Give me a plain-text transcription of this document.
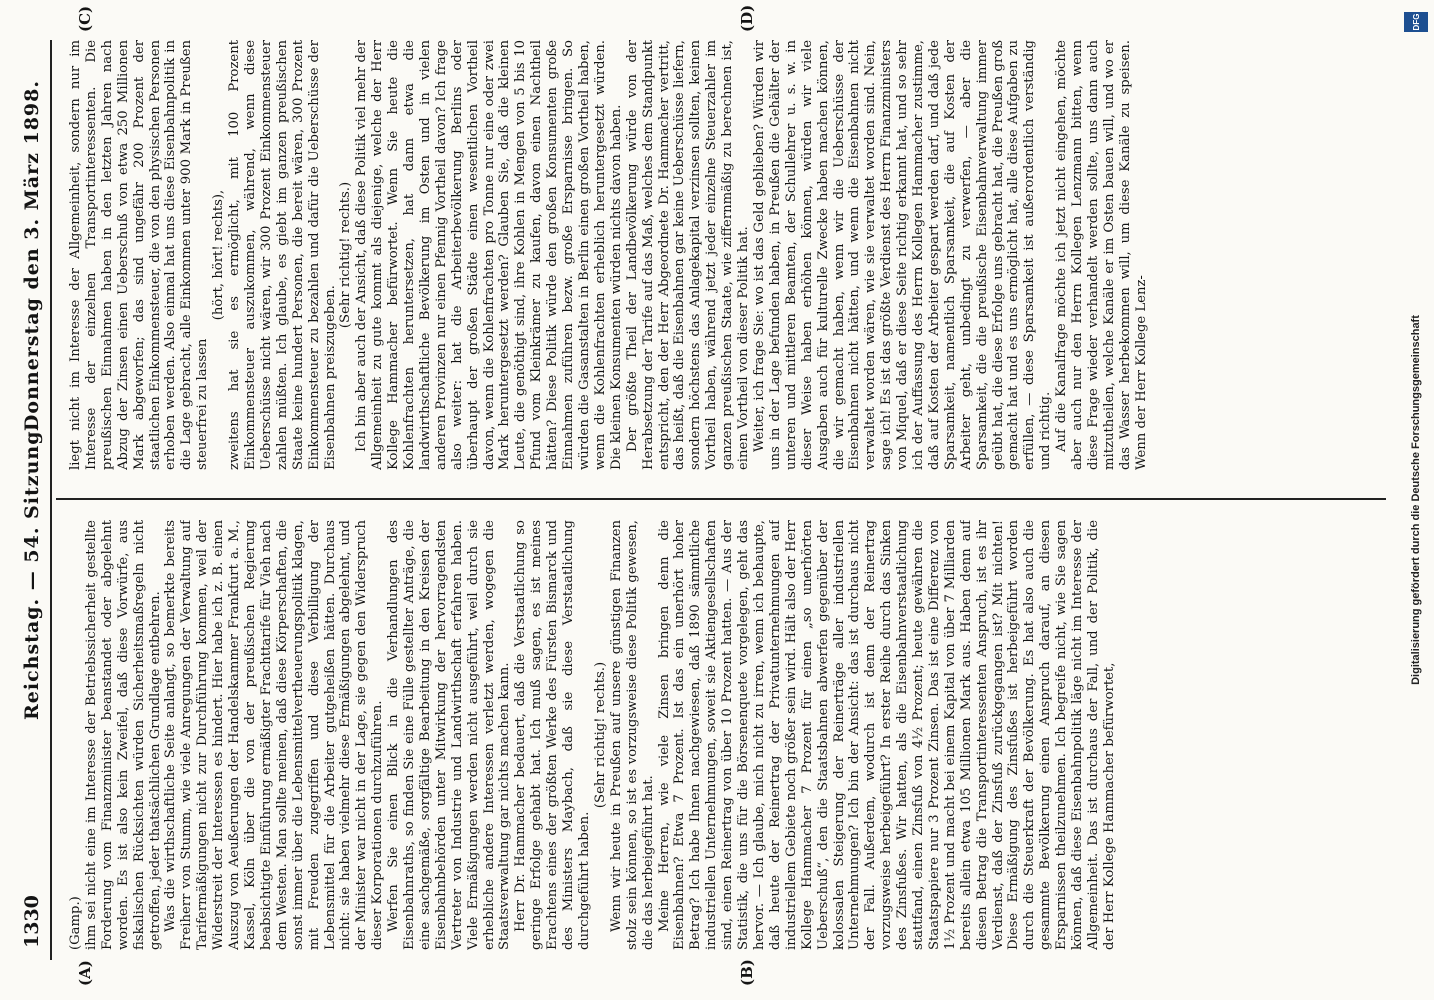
1330
Reichstag. — 54. Sitzung.
Donnerstag den 3. März 1898.
(A)	(B)
(C)	(D)

(Gamp.) ihm sei nicht eine im Interesse der Betriebssicherheit gestellte Forderung vom Finanzminister beanstandet oder abgelehnt worden. Es ist also kein Zweifel, daß diese Vorwürfe, aus fiskalischen Rücksichten würden Sicherheitsmaßregeln nicht getroffen, jeder thatsächlichen Grundlage entbehren. Was die wirthschaftliche Seite anlangt, so bemerkte bereits Freiherr von Stumm, wie viele Anregungen der Verwaltung auf Tarifermäßigungen nicht zur Durchführung kommen, weil der Widerstreit der Interessen es hindert. Hier habe ich z. B. einen Auszug von Aeußerungen der Handelskammer Frankfurt a. M., Kassel, Köln über die von der preußischen Regierung beabsichtigte Einführung ermäßigter Frachttarife für Vieh nach dem Westen. Man sollte meinen, daß diese Körperschaften, die sonst immer über die Lebensmittelvertheuerungspolitik klagen, mit Freuden zugegriffen und diese Verbilligung der Lebensmittel für die Arbeiter gutgeheißen hätten. Durchaus nicht: sie haben vielmehr diese Ermäßigungen abgelehnt, und der Minister war nicht in der Lage, sie gegen den Widerspruch dieser Korporationen durchzuführen. Werfen Sie einen Blick in die Verhandlungen des Eisenbahnraths, so finden Sie eine Fülle gestellter Anträge, die eine sachgemäße, sorgfältige Bearbeitung in den Kreisen der Eisenbahnbehörden unter Mitwirkung der hervorragendsten Vertreter von Industrie und Landwirthschaft erfahren haben. Viele Ermäßigungen werden nicht ausgeführt, weil durch sie erhebliche andere Interessen verletzt werden, wogegen die Staatsverwaltung gar nichts machen kann. Herr Dr. Hammacher bedauert, daß die Verstaatlichung so geringe Erfolge gehabt hat. Ich muß sagen, es ist meines Erachtens eines der größten Werke des Fürsten Bismarck und des Ministers Maybach, daß sie diese Verstaatlichung durchgeführt haben.

(Sehr richtig! rechts.) Wenn wir heute in Preußen auf unsere günstigen Finanzen stolz sein können, so ist es vorzugsweise diese Politik gewesen, die das herbeigeführt hat. Meine Herren, wie viele Zinsen bringen denn die Eisenbahnen? Etwa 7 Prozent. Ist das ein unerhört hoher Betrag? Ich habe Ihnen nachgewiesen, daß 1890 sämmtliche industriellen Unternehmungen, soweit sie Aktiengesellschaften sind, einen Reinertrag von über 10 Prozent hatten. — Aus der Statistik, die uns für die Börsenenquete vorgelegen, geht das hervor. — Ich glaube, mich nicht zu irren, wenn ich behaupte, daß heute der Reinertrag der Privatunternehmungen auf industriellem Gebiete noch größer sein wird. Hält also der Herr Kollege Hammacher 7 Prozent für einen „so unerhörten Ueberschuß“, den die Staatsbahnen abwerfen gegenüber der kolossalen Steigerung der Reinerträge aller industriellen Unternehmungen? Ich bin der Ansicht: das ist durchaus nicht der Fall. Außerdem, wodurch ist denn der Reinertrag vorzugsweise herbeigeführt? In erster Reihe durch das Sinken des Zinsfußes. Wir hatten, als die Eisenbahnverstaatlichung stattfand, einen Zinsfuß von 4½ Prozent; heute gewähren die Staatspapiere nur 3 Prozent Zinsen. Das ist eine Differenz von 1½ Prozent und macht bei einem Kapital von über 7 Milliarden bereits allein etwa 105 Millionen Mark aus. Haben denn auf diesen Betrag die Transportinteressenten Anspruch, ist es ihr Verdienst, daß der Zinsfuß zurückgegangen ist? Mit nichten! Diese Ermäßigung des Zinsfußes ist herbeigeführt worden durch die Steuerkraft der Bevölkerung. Es hat also auch die gesammte Bevölkerung einen Anspruch darauf, an diesen Ersparnissen theilzunehmen. Ich begreife nicht, wie Sie sagen können, daß diese Eisenbahnpolitik läge nicht im Interesse der Allgemeinheit. Das ist durchaus der Fall, und der Politik, die der Herr Kollege Hammacher befürwortet,

liegt nicht im Interesse der Allgemeinheit, sondern nur im Interesse der einzelnen Transportinteressenten. Die preußischen Einnahmen haben in den letzten Jahren nach Abzug der Zinsen einen Ueberschuß von etwa 250 Millionen Mark abgeworfen; das sind ungefähr 200 Prozent der staatlichen Einkommensteuer, die von den physischen Personen erhoben werden. Also einmal hat uns diese Eisenbahnpolitik in die Lage gebracht, alle Einkommen unter 900 Mark in Preußen steuerfrei zu lassen

(hört, hört! rechts), zweitens hat sie es ermöglicht, mit 100 Prozent Einkommensteuer auszukommen, während, wenn diese Ueberschüsse nicht wären, wir 300 Prozent Einkommensteuer zahlen müßten. Ich glaube, es giebt im ganzen preußischen Staate keine hundert Personen, die bereit wären, 300 Prozent Einkommensteuer zu bezahlen und dafür die Ueberschüsse der Eisenbahnen preiszugeben.

(Sehr richtig! rechts.) Ich bin aber auch der Ansicht, daß diese Politik viel mehr der Allgemeinheit zu gute kommt als diejenige, welche der Herr Kollege Hammacher befürwortet. Wenn Sie heute die Kohlenfrachten heruntersetzen, hat dann etwa die landwirthschaftliche Bevölkerung im Osten und in vielen anderen Provinzen nur einen Pfennig Vortheil davon? Ich frage also weiter: hat die Arbeiterbevölkerung Berlins oder überhaupt der großen Städte einen wesentlichen Vortheil davon, wenn die Kohlenfrachten pro Tonne nur eine oder zwei Mark heruntergesetzt werden? Glauben Sie, daß die kleinen Leute, die genöthigt sind, ihre Kohlen in Mengen von 5 bis 10 Pfund vom Kleinkrämer zu kaufen, davon einen Nachtheil hätten? Diese Politik würde den großen Konsumenten große Einnahmen zuführen bezw. große Ersparnisse bringen. So würden die Gasanstalten in Berlin einen großen Vortheil haben, wenn die Kohlenfrachten erheblich heruntergesetzt würden. Die kleinen Konsumenten würden nichts davon haben. Der größte Theil der Landbevölkerung würde von der Herabsetzung der Tarife auf das Maß, welches dem Standpunkt entspricht, den der Herr Abgeordnete Dr. Hammacher vertritt, das heißt, daß die Eisenbahnen gar keine Ueberschüsse liefern, sondern höchstens das Anlagekapital verzinsen sollten, keinen Vortheil haben, während jetzt jeder einzelne Steuerzahler im ganzen preußischen Staate, wie ziffernmäßig zu berechnen ist, einen Vortheil von dieser Politik hat. Weiter, ich frage Sie: wo ist das Geld geblieben? Würden wir uns in der Lage befunden haben, in Preußen die Gehälter der unteren und mittleren Beamten, der Schullehrer u. s. w. in dieser Weise haben erhöhen können, würden wir viele Ausgaben auch für kulturelle Zwecke haben machen können, die wir gemacht haben, wenn wir die Ueberschüsse der Eisenbahnen nicht hätten, und wenn die Eisenbahnen nicht verwaltet worden wären, wie sie verwaltet worden sind. Nein, sage ich! Es ist das größte Verdienst des Herrn Finanzministers von Miquel, daß er diese Seite richtig erkannt hat, und so sehr ich der Auffassung des Herrn Kollegen Hammacher zustimme, daß auf Kosten der Arbeiter gespart werden darf, und daß jede Sparsamkeit, namentlich Sparsamkeit, die auf Kosten der Arbeiter geht, unbedingt zu verwerfen, — aber die Sparsamkeit, die die preußische Eisenbahnverwaltung immer geübt hat, die diese Erfolge uns gebracht hat, die Preußen groß gemacht hat und es uns ermöglicht hat, alle diese Aufgaben zu erfüllen, — diese Sparsamkeit ist außerordentlich verständig und richtig. Auf die Kanalfrage möchte ich jetzt nicht eingehen, möchte aber auch nur den Herrn Kollegen Lenzmann bitten, wenn diese Frage wieder verhandelt werden sollte, uns dann auch mitzutheilen, welche Kanäle er im Osten bauen will, und wo er das Wasser herbekommen will, um diese Kanäle zu speisen. Wenn der Herr Kollege Lenz-

DFG
Digitalisierung gefördert durch die Deutsche Forschungsgemeinschaft
